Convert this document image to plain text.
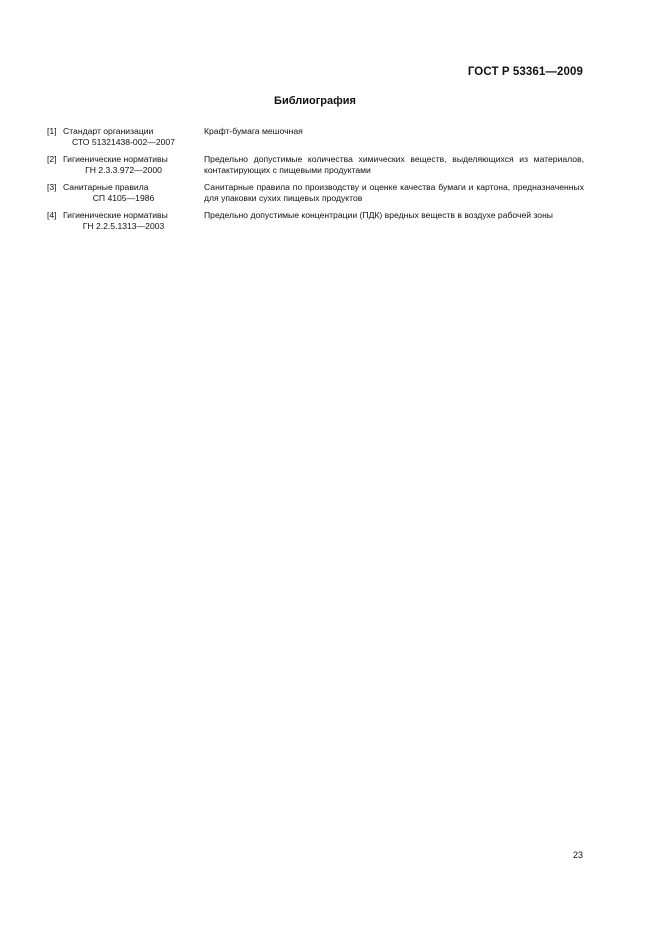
ГОСТ Р 53361—2009
Библиография
[1] Стандарт организации
СТО 51321438-002—2007
Крафт-бумага мешочная
[2] Гигиенические нормативы
ГН 2.3.3.972—2000
Предельно допустимые количества химических веществ, выделяющихся из материалов, контактирующих с пищевыми продуктами
[3] Санитарные правила
СП 4105—1986
Санитарные правила по производству и оценке качества бумаги и картона, предназначенных для упаковки сухих пищевых продуктов
[4] Гигиенические нормативы
ГН 2.2.5.1313—2003
Предельно допустимые концентрации (ПДК) вредных веществ в воздухе рабочей зоны
23
